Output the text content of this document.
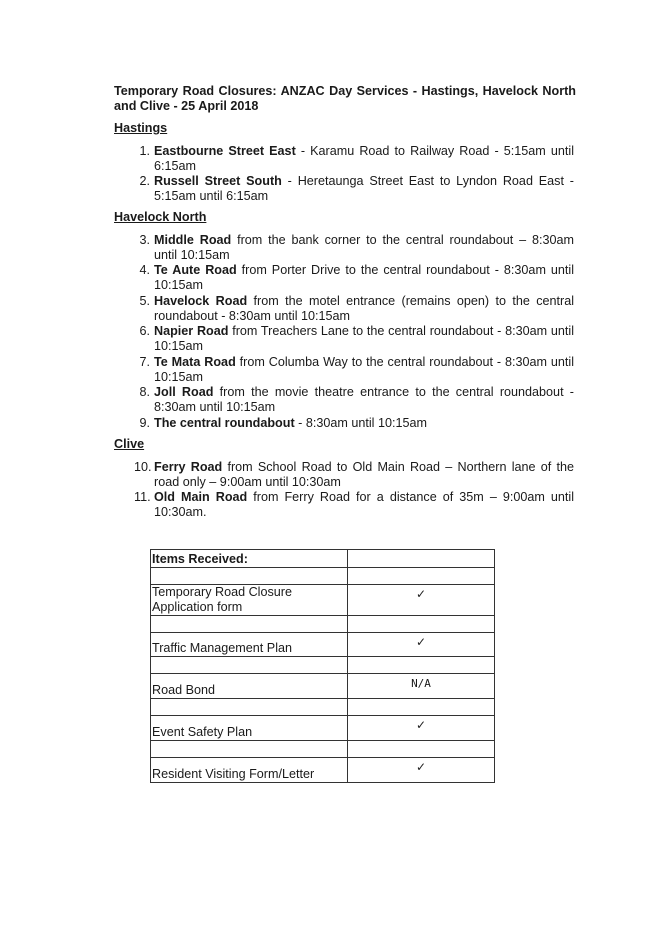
Temporary Road Closures: ANZAC Day Services - Hastings, Havelock North and Clive - 25 April 2018
Hastings
1. Eastbourne Street East - Karamu Road to Railway Road - 5:15am until 6:15am
2. Russell Street South - Heretaunga Street East to Lyndon Road East - 5:15am until 6:15am
Havelock North
3. Middle Road from the bank corner to the central roundabout – 8:30am until 10:15am
4. Te Aute Road from Porter Drive to the central roundabout - 8:30am until 10:15am
5. Havelock Road from the motel entrance (remains open) to the central roundabout - 8:30am until 10:15am
6. Napier Road from Treachers Lane to the central roundabout - 8:30am until 10:15am
7. Te Mata Road from Columba Way to the central roundabout - 8:30am until 10:15am
8. Joll Road from the movie theatre entrance to the central roundabout - 8:30am until 10:15am
9. The central roundabout - 8:30am until 10:15am
Clive
10. Ferry Road from School Road to Old Main Road – Northern lane of the road only – 9:00am until 10:30am
11. Old Main Road from Ferry Road for a distance of 35m – 9:00am until 10:30am.
Items Received:	

Temporary Road Closure Application form	✓

Traffic Management Plan	✓

Road Bond	N/A

Event Safety Plan	✓

Resident Visiting Form/Letter	✓
